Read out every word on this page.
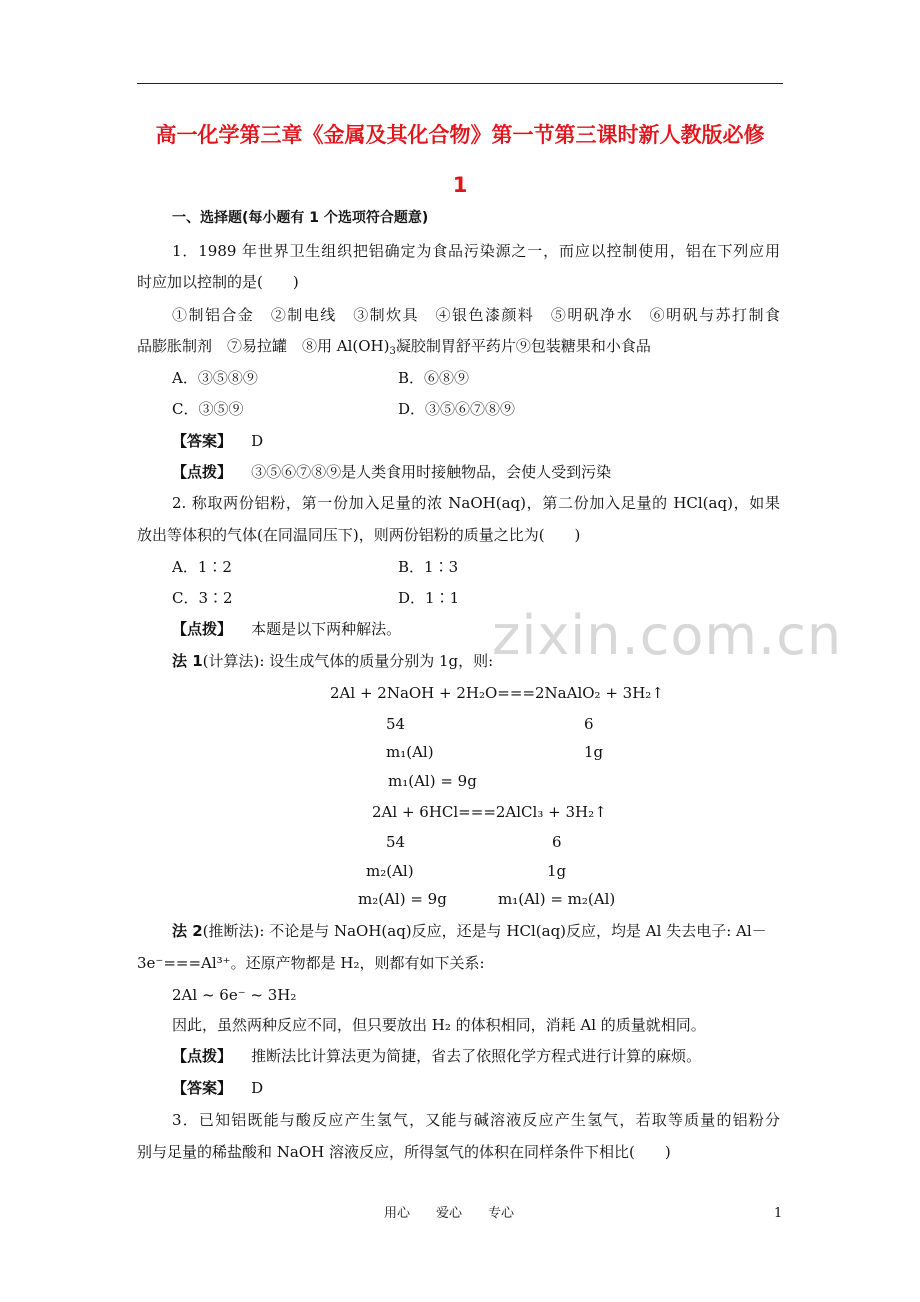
高一化学第三章《金属及其化合物》第一节第三课时新人教版必修
1
一、选择题(每小题有 1 个选项符合题意)
1．1989 年世界卫生组织把铝确定为食品污染源之一，而应以控制使用，铝在下列应用
时应加以控制的是(　　)
①制铝合金　②制电线　③制炊具　④银色漆颜料　⑤明矾净水　⑥明矾与苏打制食
品膨胀制剂　⑦易拉罐　⑧用 $Al(OH)_3$凝胶制胃舒平药片⑨包装糖果和小食品
A．③⑤⑧⑨	B．⑥⑧⑨
C．③⑤⑨	D．③⑤⑥⑦⑧⑨
【答案】 D
【点拨】 ③⑤⑥⑦⑧⑨是人类食用时接触物品，会使人受到污染
2. 称取两份铝粉，第一份加入足量的浓 NaOH(aq)，第二份加入足量的 HCl(aq)，如果
放出等体积的气体(在同温同压下)，则两份铝粉的质量之比为(　　)
A．1∶2	B．1∶3
C．3∶2	D．1∶1
【点拨】 本题是以下两种解法。
法 1(计算法): 设生成气体的质量分别为 1g，则:
2Al + 2NaOH + 2H₂O===2NaAlO₂ + 3H₂↑
54	6
m₁(Al)	1g
m₁(Al) = 9g
2Al + 6HCl===2AlCl₃ + 3H₂↑
54	6
m₂(Al)	1g
m₂(Al) = 9g	m₁(Al) = m₂(Al)
法 2(推断法): 不论是与 NaOH(aq)反应，还是与 HCl(aq)反应，均是 Al 失去电子: Al－
3e⁻===Al³⁺。还原产物都是 H₂，则都有如下关系:
2Al ~ 6e⁻ ~ 3H₂
因此，虽然两种反应不同，但只要放出 H₂ 的体积相同，消耗 Al 的质量就相同。
【点拨】 推断法比计算法更为简捷，省去了依照化学方程式进行计算的麻烦。
【答案】 D
3．已知铝既能与酸反应产生氢气，又能与碱溶液反应产生氢气，若取等质量的铝粉分
别与足量的稀盐酸和 NaOH 溶液反应，所得氢气的体积在同样条件下相比(　　)
zixin.com.cn
用心　　爱心　　专心	1
